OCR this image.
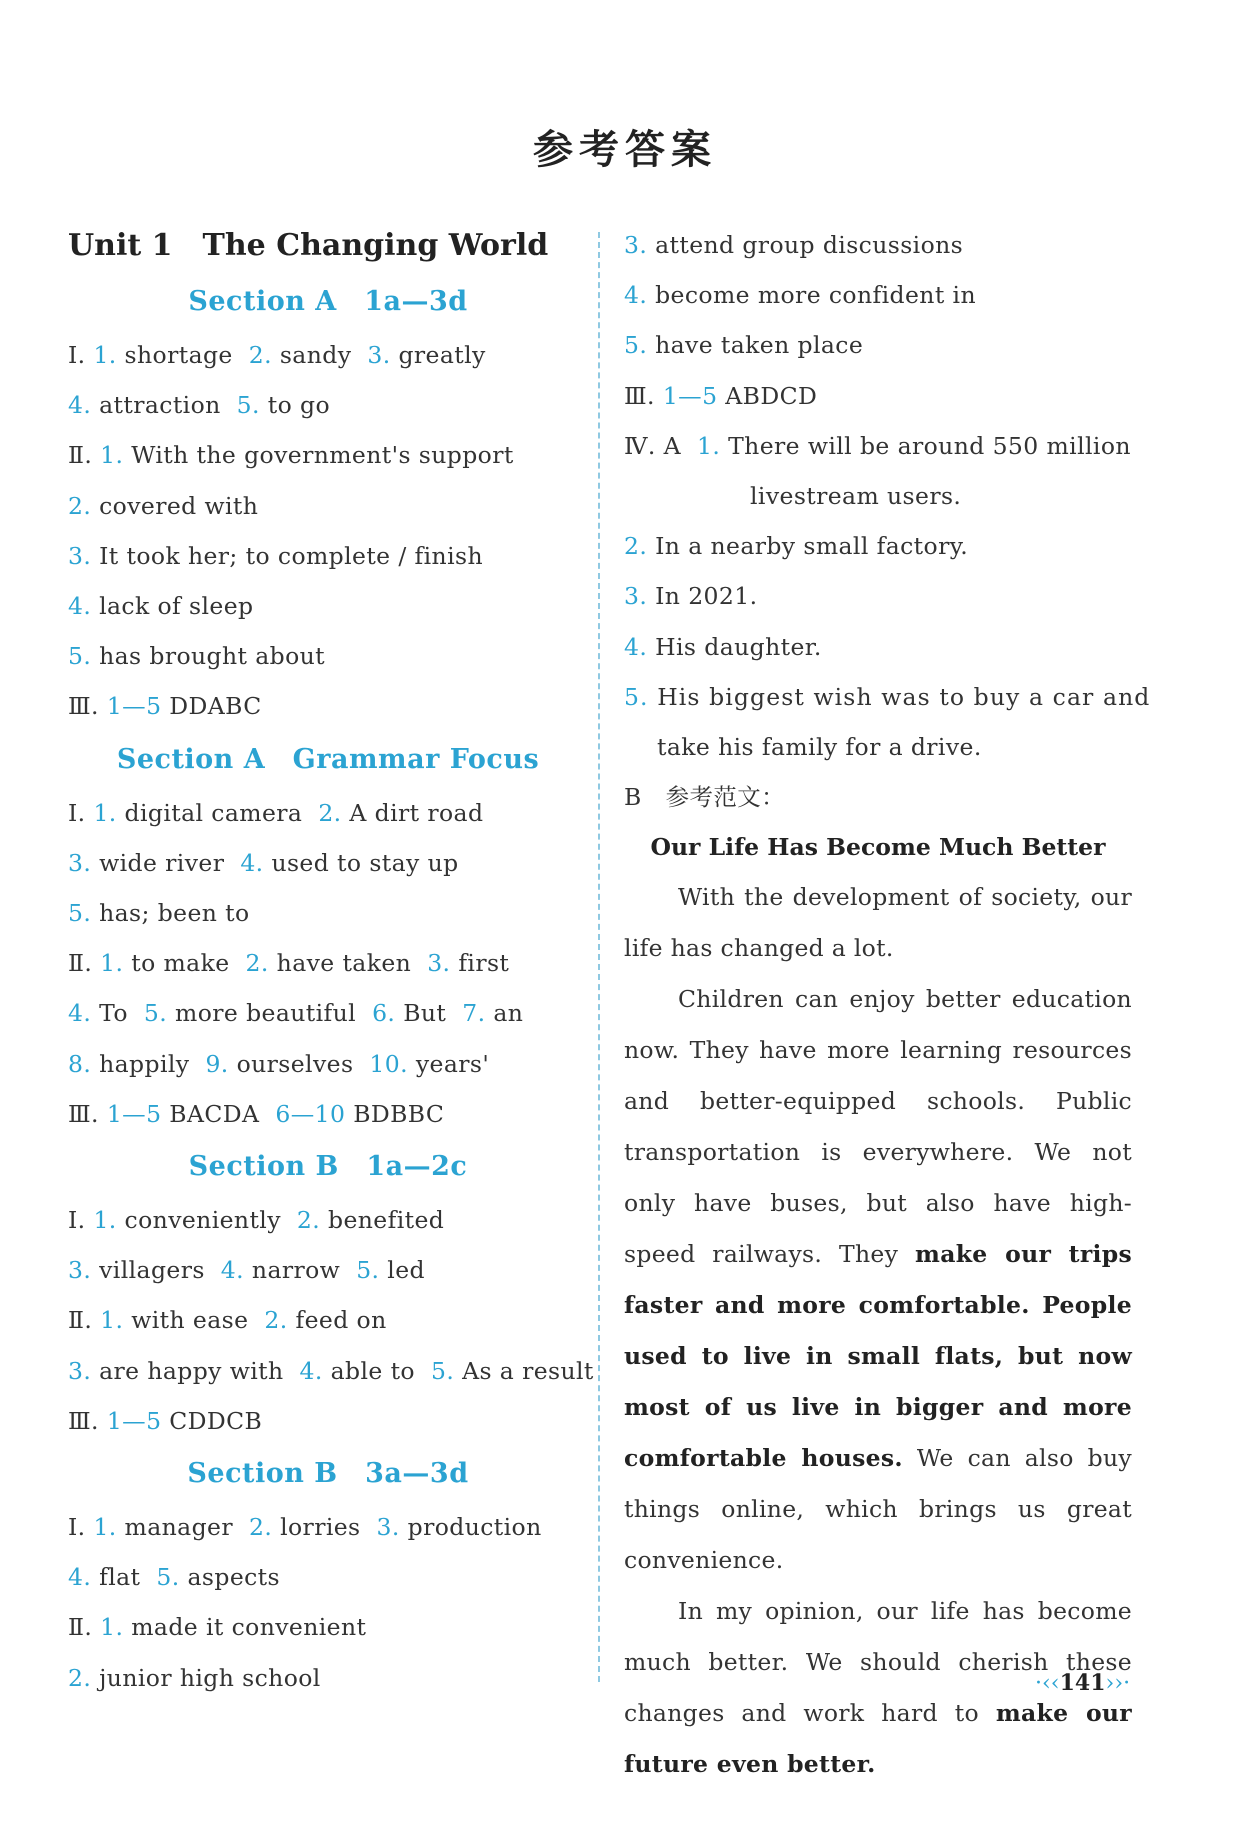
参考答案
Unit 1　The Changing World
Section A　1a—3d
Ⅰ. 1. shortage 2. sandy 3. greatly
4. attraction 5. to go
Ⅱ. 1. With the government's support
2. covered with
3. It took her; to complete / finish
4. lack of sleep
5. has brought about
Ⅲ. 1—5 DDABC
Section A　Grammar Focus
Ⅰ. 1. digital camera 2. A dirt road
3. wide river 4. used to stay up
5. has; been to
Ⅱ. 1. to make 2. have taken 3. first
4. To 5. more beautiful 6. But 7. an
8. happily 9. ourselves 10. years'
Ⅲ. 1—5 BACDA 6—10 BDBBC
Section B　1a—2c
Ⅰ. 1. conveniently 2. benefited
3. villagers 4. narrow 5. led
Ⅱ. 1. with ease 2. feed on
3. are happy with 4. able to 5. As a result
Ⅲ. 1—5 CDDCB
Section B　3a—3d
Ⅰ. 1. manager 2. lorries 3. production
4. flat 5. aspects
Ⅱ. 1. made it convenient
2. junior high school
3. attend group discussions
4. become more confident in
5. have taken place
Ⅲ. 1—5 ABDCD
Ⅳ. A 1. There will be around 550 million
livestream users.
2. In a nearby small factory.
3. In 2021.
4. His daughter.
5. His biggest wish was to buy a car and
take his family for a drive.
B　参考范文：
Our Life Has Become Much Better
With the development of society, our life has changed a lot.
Children can enjoy better education now. They have more learning resources and better-equipped schools. Public transportation is everywhere. We not only have buses, but also have high-speed railways. They make our trips faster and more comfortable. People used to live in small flats, but now most of us live in bigger and more comfortable houses. We can also buy things online, which brings us great convenience.
In my opinion, our life has become much better. We should cherish these changes and work hard to make our future even better.
·‹‹141››·
